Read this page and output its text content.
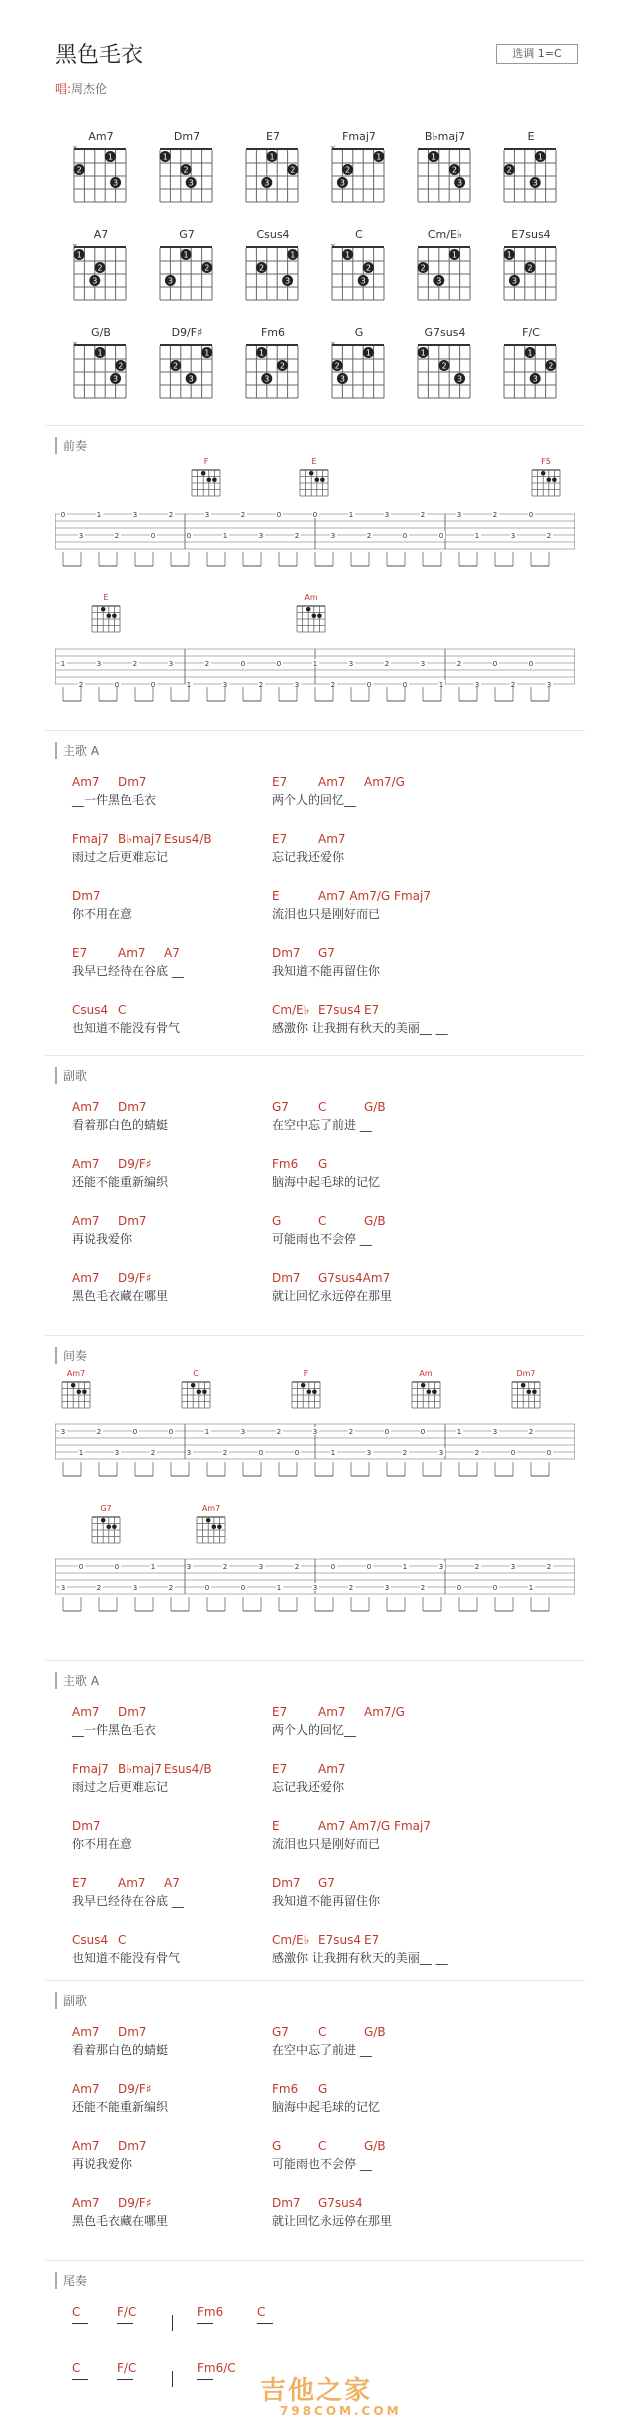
黑色毛衣	选调 1=C
唱:周杰伦
Am7
1
2
3
×
Dm7
1
2
3
E7
1
2
3
Fmaj7
1
2
3
×
B♭maj7
1
2
3
E
1
2
3
A7
1
2
3
×
G7
1
2
3
Csus4
1
2
3
C
1
2
3
×
Cm/E♭
1
2
3
E7sus4
1
2
3
G/B
1
2
3
×
D9/F♯
1
2
3
Fm6
1
2
3
G
1
2
3
×
G7sus4
1
2
3
F/C
1
2
3
前奏
F	E	F5
0
3
1
2
3
0
2
0
3
1
2
3
0
2
0
3
1
2
3
0
2
0
3
1
2
3
0
2
E	Am
1
2
3
0
2
0
3
1
2
3
0
2
0
3
1
2
3
0
2
0
3
1
2
3
0
2
0
3
主歌 A
Am7 Dm7
__一件黑色毛衣
E7	Am7 Am7/G
两个人的回忆__
Fmaj7 B♭maj7 Esus4/B
雨过之后更难忘记
E7	Am7
忘记我还爱你
Dm7
你不用在意
E	Am7 Am7/G Fmaj7
流泪也只是刚好而已
E7	Am7 A7
我早已经待在谷底 __
Dm7 G7
我知道不能再留住你
Csus4 C
也知道不能没有骨气
Cm/E♭ E7sus4 E7
感激你 让我拥有秋天的美丽__ __
副歌
Am7 Dm7
看着那白色的蜻蜓
G7 C	G/B
在空中忘了前进 __
Am7 D9/F♯
还能不能重新编织
Fm6 G
脑海中起毛球的记忆
Am7 Dm7
再说我爱你
G	C	G/B
可能雨也不会停 __
Am7 D9/F♯
黑色毛衣藏在哪里
Dm7 G7sus4Am7
就让回忆永远停在那里
间奏
Am7	C	F	Am	Dm7
3
1
2
3
0
2
0
3
1
2
3
0
2
0
3
1
2
3
0
2
0
3
1
2
3
0
2
0
G7	Am7
3
0
2
0
3
1
2
3
0
2
0
3
1
2
3
0
2
0
3
1
2
3
0
2
0
3
1
2
主歌 A
Am7 Dm7
__一件黑色毛衣
E7	Am7 Am7/G
两个人的回忆__
Fmaj7 B♭maj7 Esus4/B
雨过之后更难忘记
E7	Am7
忘记我还爱你
Dm7
你不用在意
E	Am7 Am7/G Fmaj7
流泪也只是刚好而已
E7	Am7 A7
我早已经待在谷底 __
Dm7 G7
我知道不能再留住你
Csus4 C
也知道不能没有骨气
Cm/E♭ E7sus4 E7
感激你 让我拥有秋天的美丽__ __
副歌
Am7 Dm7
看着那白色的蜻蜓
G7 C	G/B
在空中忘了前进 __
Am7 D9/F♯
还能不能重新编织
Fm6 G
脑海中起毛球的记忆
Am7 Dm7
再说我爱你
G	C	G/B
可能雨也不会停 __
Am7 D9/F♯
黑色毛衣藏在哪里
Dm7 G7sus4
就让回忆永远停在那里
尾奏
C	F/C	Fm6	C
C	F/C	Fm6/C
吉他之家
798COM.COM
